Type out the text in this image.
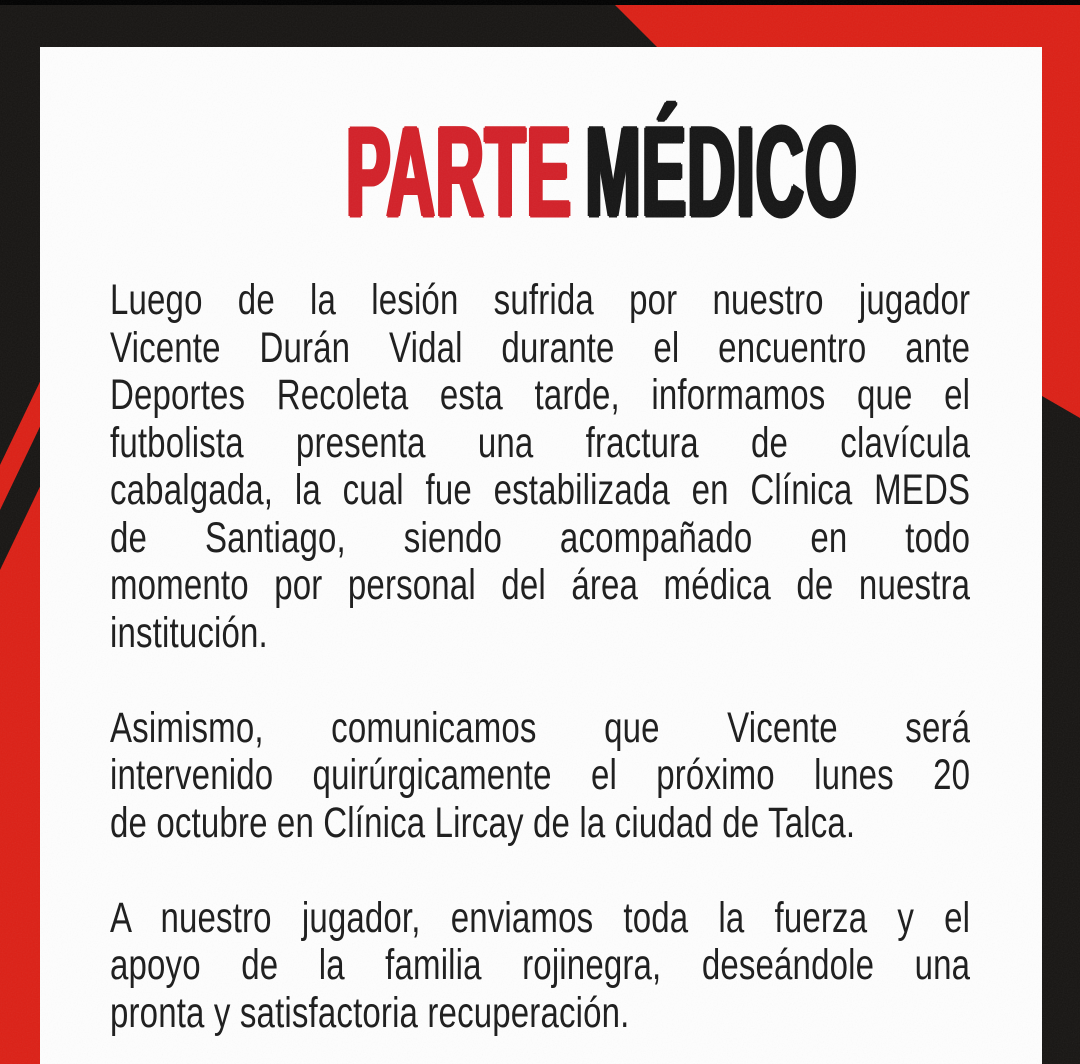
PARTE MÉDICO
Luego de la lesión sufrida por nuestro jugador
Vicente Durán Vidal durante el encuentro ante
Deportes Recoleta esta tarde, informamos que el
futbolista presenta una fractura de clavícula
cabalgada, la cual fue estabilizada en Clínica MEDS
de Santiago, siendo acompañado en todo
momento por personal del área médica de nuestra
institución.
Asimismo, comunicamos que Vicente será
intervenido quirúrgicamente el próximo lunes 20
de octubre en Clínica Lircay de la ciudad de Talca.
A nuestro jugador, enviamos toda la fuerza y el
apoyo de la familia rojinegra, deseándole una
pronta y satisfactoria recuperación.
